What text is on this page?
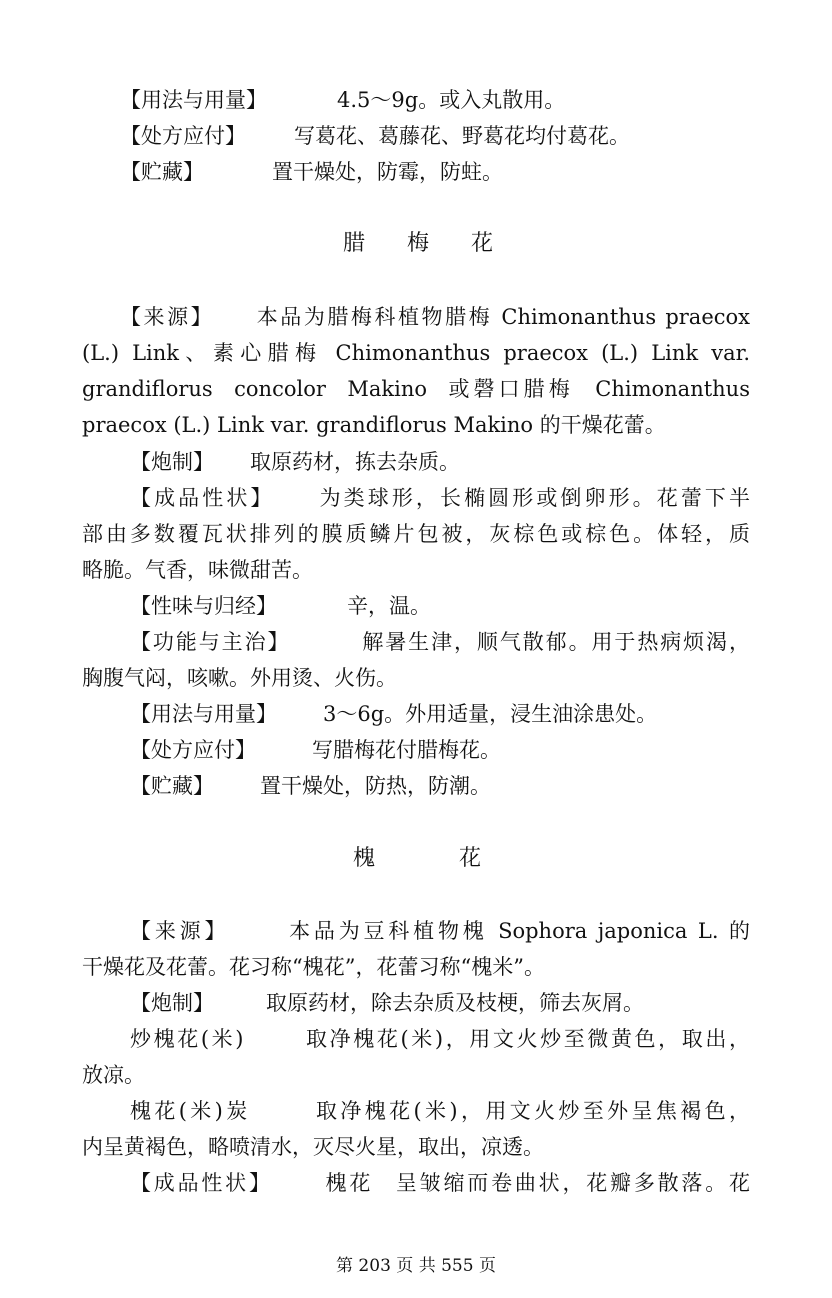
【用法与用量】	4.5～9g。或入丸散用。
【处方应付】 写葛花、葛藤花、野葛花均付葛花。
【贮藏】	置干燥处，防霉，防蛀。
腊 梅 花
【来源】 本品为腊梅科植物腊梅 Chimonanthus praecox
(L.) Link、素心腊梅 Chimonanthus praecox (L.) Link var.
grandiflorus  concolor  Makino  或磬口腊梅  Chimonanthus
praecox (L.) Link var. grandiflorus Makino 的干燥花蕾。
【炮制】 取原药材，拣去杂质。
【成品性状】 为类球形，长椭圆形或倒卵形。花蕾下半
部由多数覆瓦状排列的膜质鳞片包被，灰棕色或棕色。体轻，质
略脆。气香，味微甜苦。
【性味与归经】	辛，温。
【功能与主治】	解暑生津，顺气散郁。用于热病烦渴，
胸腹气闷，咳嗽。外用烫、火伤。
【用法与用量】 3～6g。外用适量，浸生油涂患处。
【处方应付】	写腊梅花付腊梅花。
【贮藏】 置干燥处，防热，防潮。
槐	花
【来源】	本品为豆科植物槐 Sophora japonica L. 的
干燥花及花蕾。花习称“槐花”，花蕾习称“槐米”。
【炮制】 取原药材，除去杂质及枝梗，筛去灰屑。
炒槐花(米)	取净槐花(米)，用文火炒至微黄色，取出，
放凉。
槐花(米)炭	取净槐花(米)，用文火炒至外呈焦褐色，
内呈黄褐色，略喷清水，灭尽火星，取出，凉透。
【成品性状】 槐花 呈皱缩而卷曲状，花瓣多散落。花
第 203 页 共 555 页
